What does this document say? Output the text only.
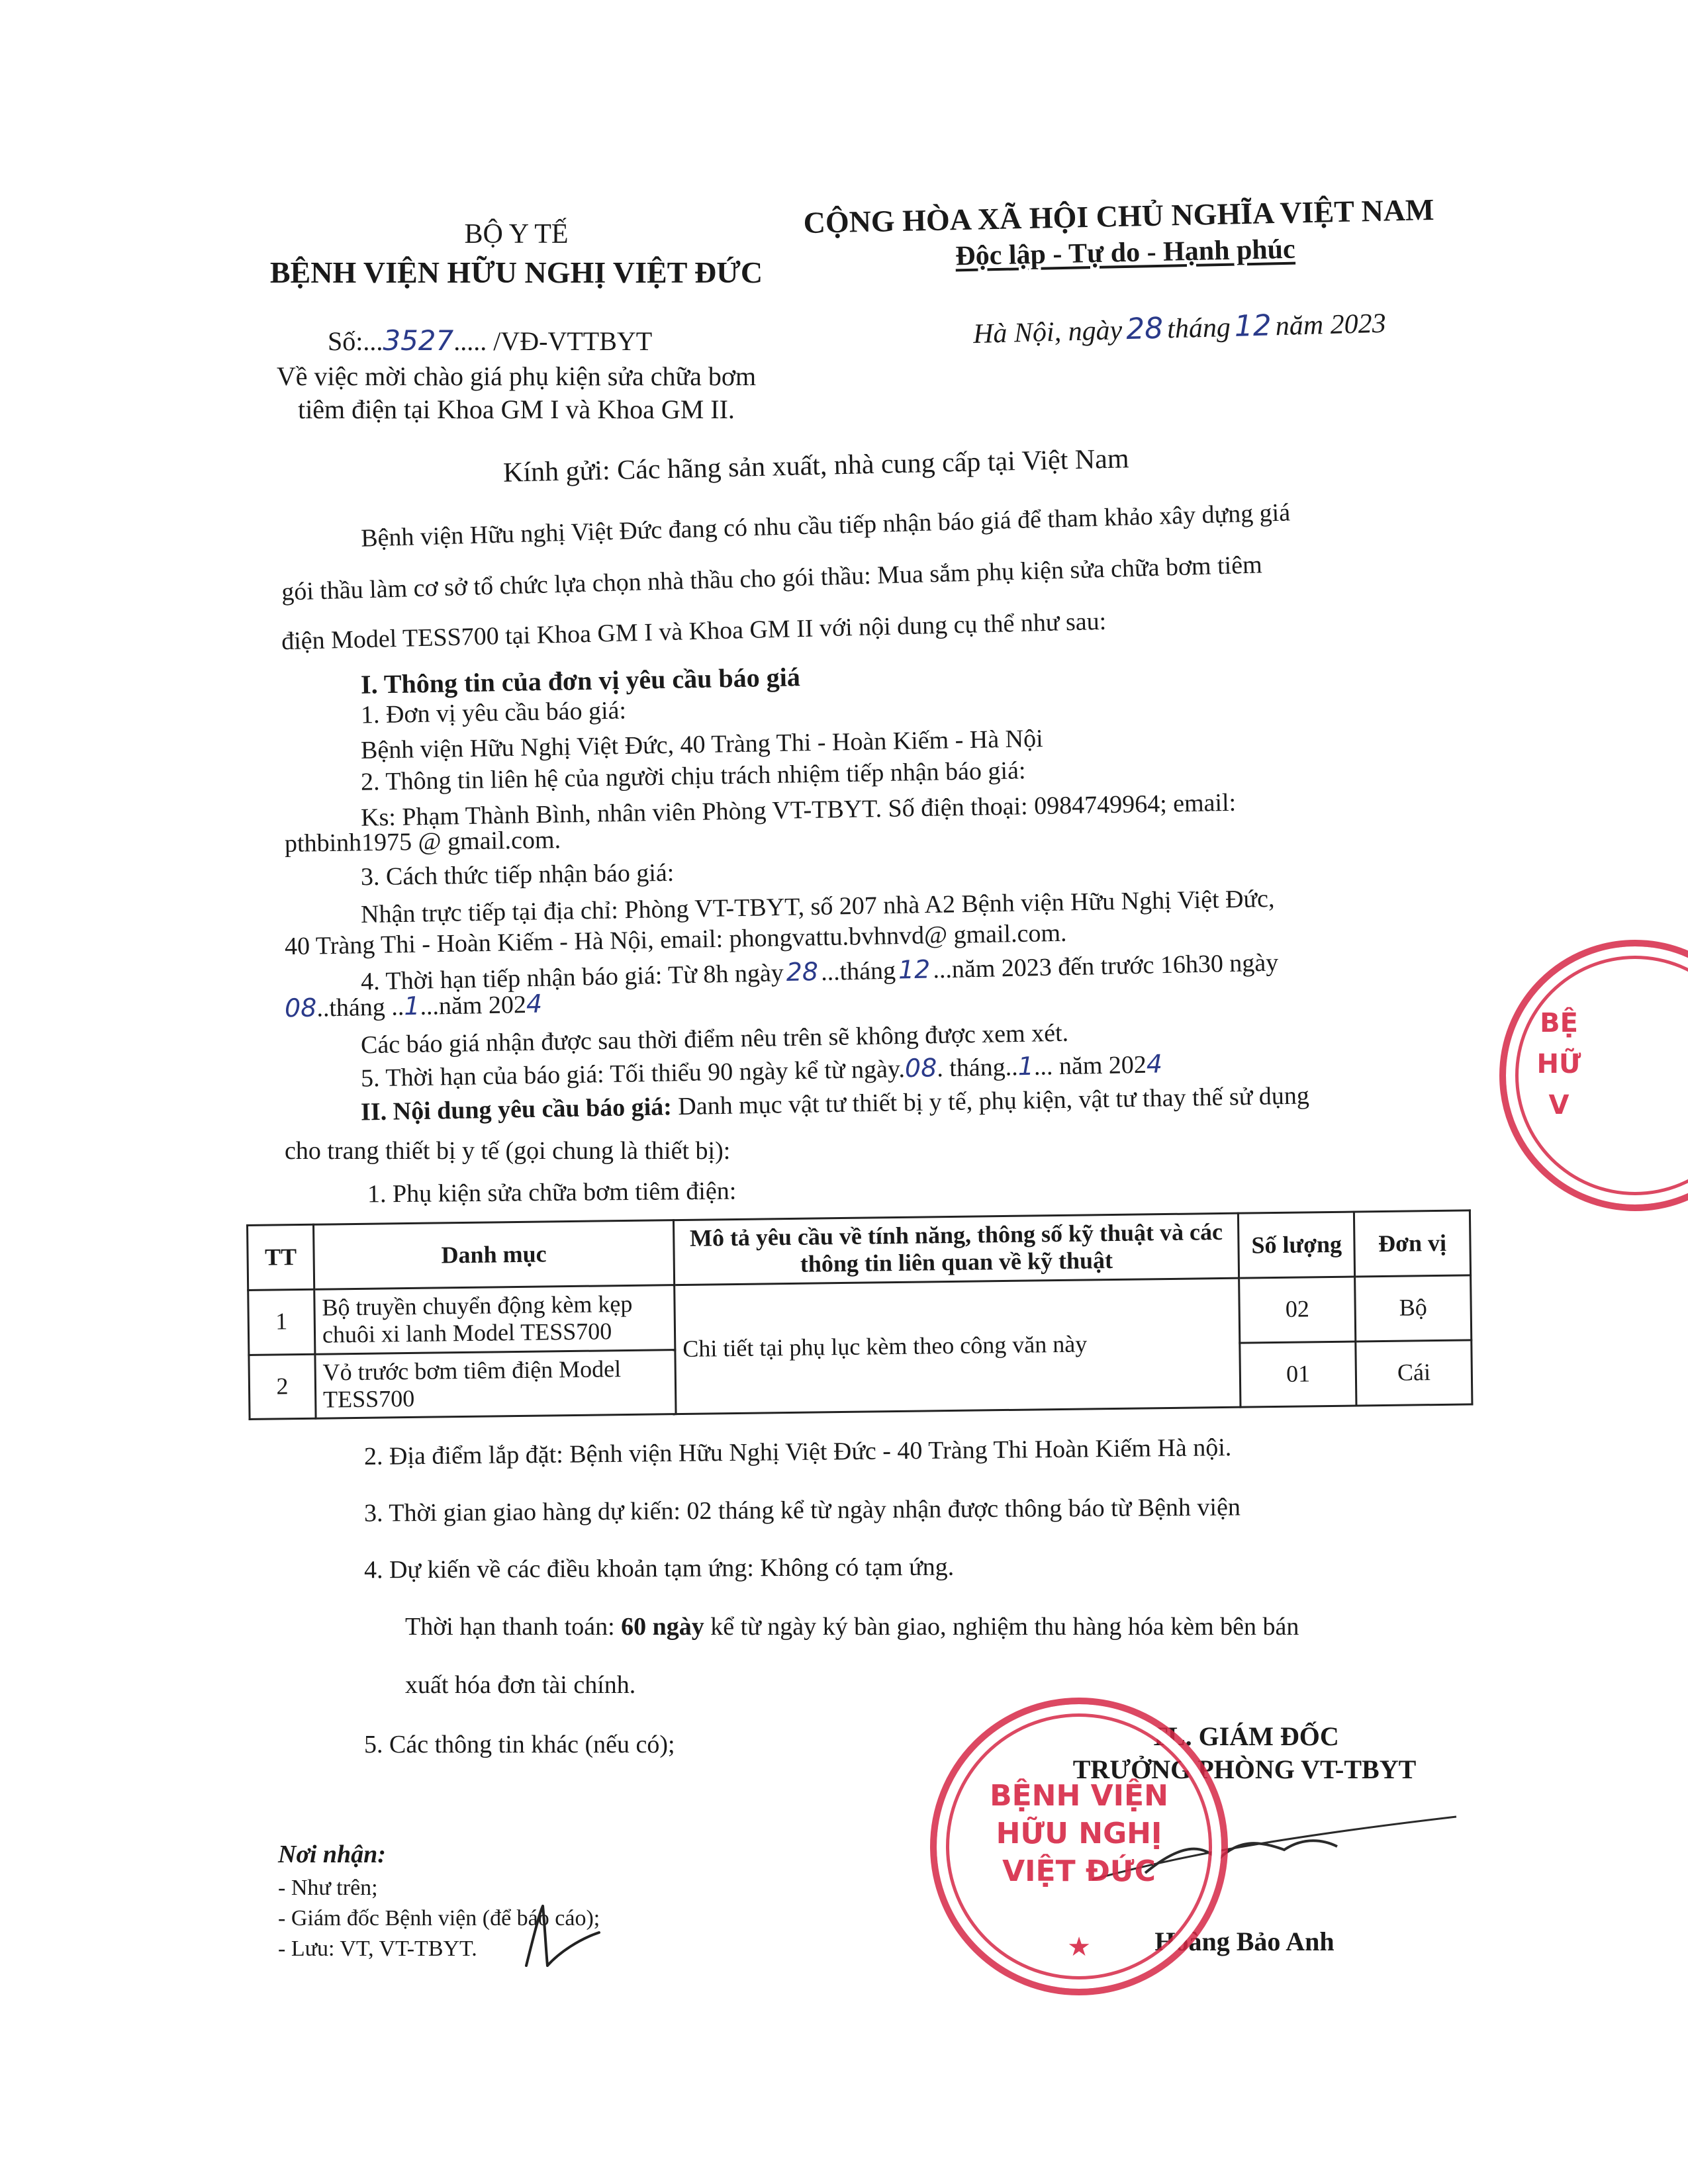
BỘ Y TẾ
BỆNH VIỆN HỮU NGHỊ VIỆT ĐỨC
CỘNG HÒA XÃ HỘI CHỦ NGHĨA VIỆT NAM
Độc lập - Tự do - Hạnh phúc
Số:...3527..... /VĐ-VTTBYT	Hà Nội, ngày 28 tháng 12 năm 2023
Về việc mời chào giá phụ kiện sửa chữa bơm
tiêm điện tại Khoa GM I và Khoa GM II.
Kính gửi: Các hãng sản xuất, nhà cung cấp tại Việt Nam
Bệnh viện Hữu nghị Việt Đức đang có nhu cầu tiếp nhận báo giá để tham khảo xây dựng giá
gói thầu làm cơ sở tổ chức lựa chọn nhà thầu cho gói thầu: Mua sắm phụ kiện sửa chữa bơm tiêm
điện Model TESS700 tại Khoa GM I và Khoa GM II với nội dung cụ thể như sau:
I. Thông tin của đơn vị yêu cầu báo giá
1. Đơn vị yêu cầu báo giá:
Bệnh viện Hữu Nghị Việt Đức, 40 Tràng Thi - Hoàn Kiếm - Hà Nội
2. Thông tin liên hệ của người chịu trách nhiệm tiếp nhận báo giá:
Ks: Phạm Thành Bình, nhân viên Phòng VT-TBYT. Số điện thoại: 0984749964; email:
pthbinh1975 @ gmail.com.
3. Cách thức tiếp nhận báo giá:
Nhận trực tiếp tại địa chỉ: Phòng VT-TBYT, số 207 nhà A2 Bệnh viện Hữu Nghị Việt Đức,
40 Tràng Thi - Hoàn Kiếm - Hà Nội, email: phongvattu.bvhnvd@ gmail.com.
4. Thời hạn tiếp nhận báo giá: Từ 8h ngày28...tháng12...năm 2023 đến trước 16h30 ngày
08..tháng ..1...năm 2024
Các báo giá nhận được sau thời điểm nêu trên sẽ không được xem xét.
5. Thời hạn của báo giá: Tối thiểu 90 ngày kể từ ngày.08. tháng..1... năm 2024
II. Nội dung yêu cầu báo giá: Danh mục vật tư thiết bị y tế, phụ kiện, vật tư thay thế sử dụng
cho trang thiết bị y tế (gọi chung là thiết bị):
1. Phụ kiện sửa chữa bơm tiêm điện:
TT	Danh mục	Mô tả yêu cầu về tính năng, thông số kỹ thuật và các thông tin liên quan về kỹ thuật	Số lượng	Đơn vị
1	Bộ truyền chuyển động kèm kẹp chuôi xi lanh Model TESS700	Chi tiết tại phụ lục kèm theo công văn này	02	Bộ
2	Vỏ trước bơm tiêm điện Model TESS700		01	Cái
2. Địa điểm lắp đặt: Bệnh viện Hữu Nghị Việt Đức - 40 Tràng Thi Hoàn Kiếm Hà nội.
3. Thời gian giao hàng dự kiến: 02 tháng kể từ ngày nhận được thông báo từ Bệnh viện
4. Dự kiến về các điều khoản tạm ứng: Không có tạm ứng.
Thời hạn thanh toán: 60 ngày kể từ ngày ký bàn giao, nghiệm thu hàng hóa kèm bên bán
xuất hóa đơn tài chính.
5. Các thông tin khác (nếu có);
Nơi nhận:
- Như trên;
- Giám đốc Bệnh viện (để báo cáo);
- Lưu: VT, VT-TBYT.
TL. GIÁM ĐỐC
TRƯỞNG PHÒNG VT-TBYT
Hoàng Bảo Anh
BỆNH VIỆN
HỮU NGHỊ
VIỆT ĐỨC
★
BỆ
HỮ
V
